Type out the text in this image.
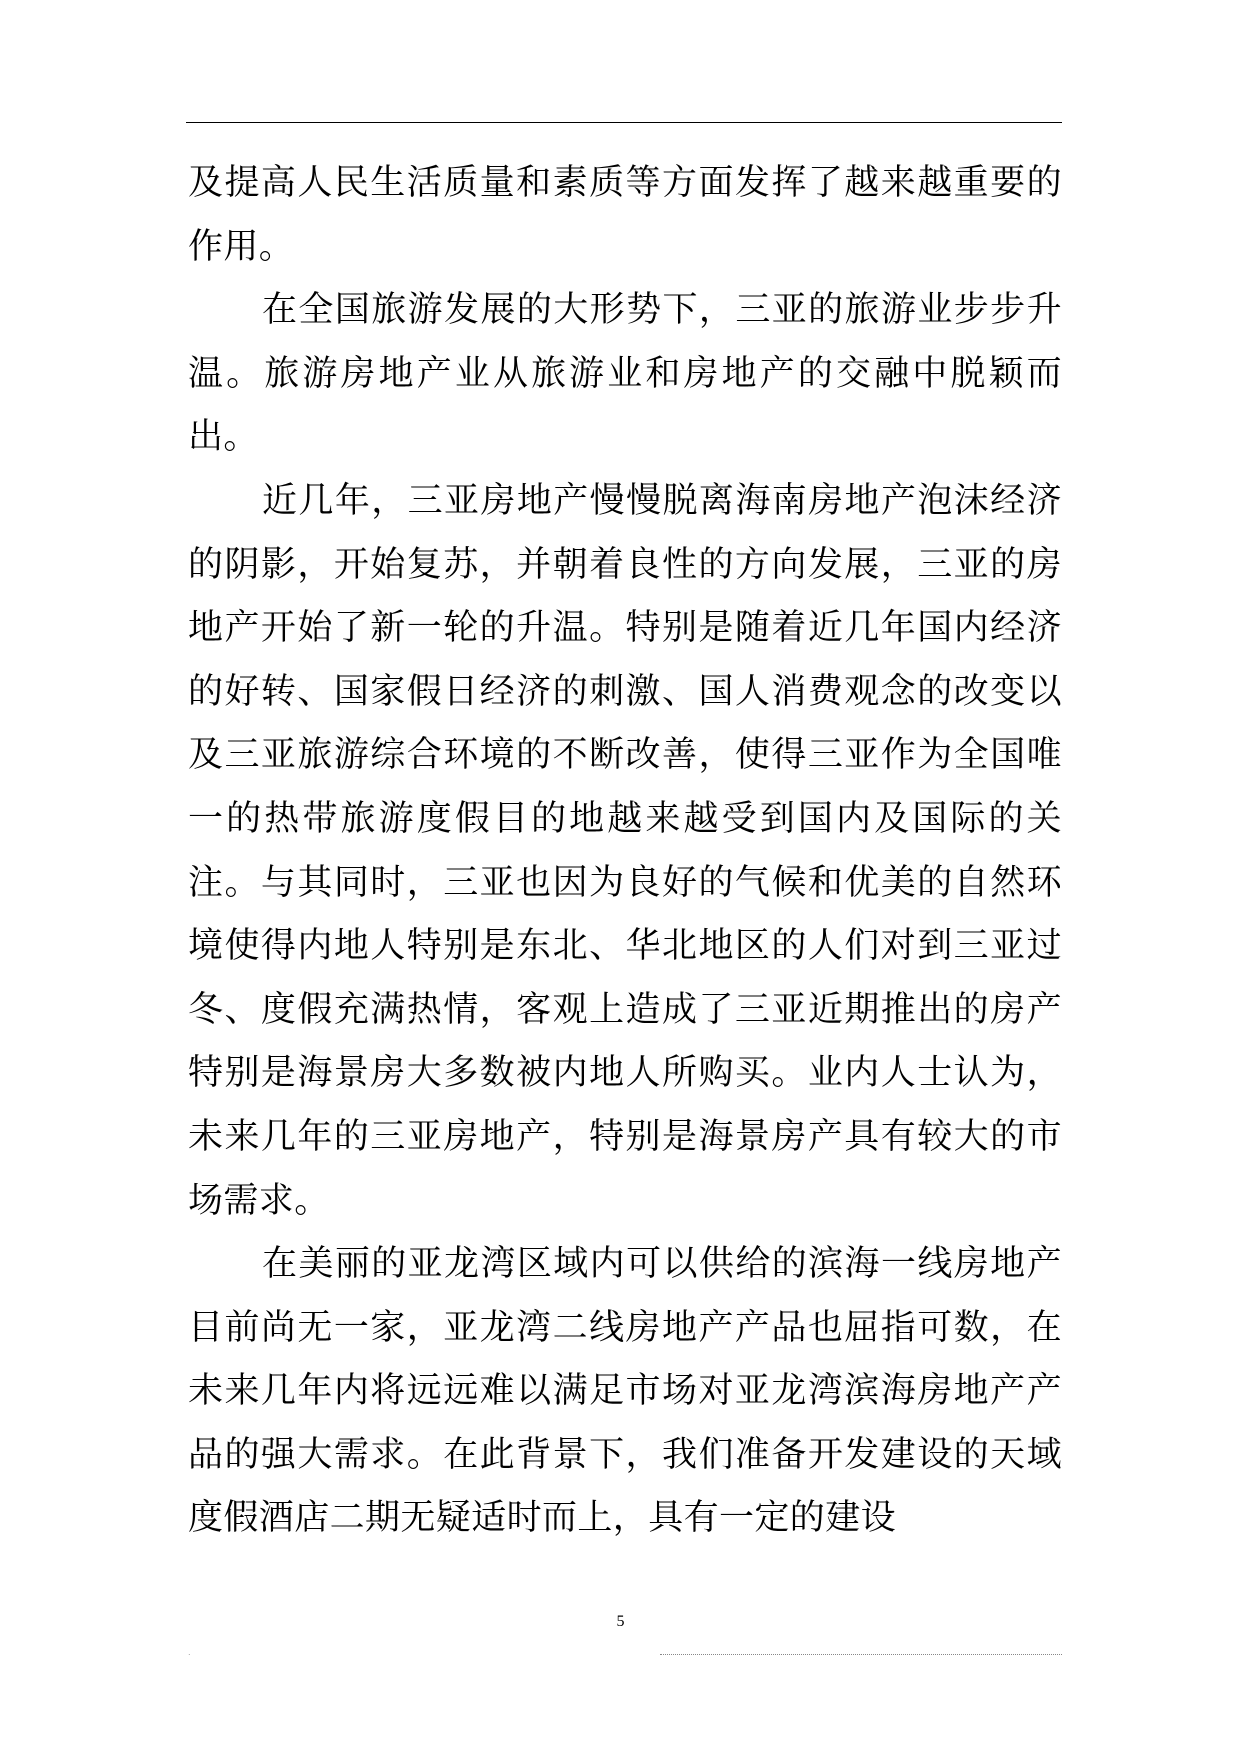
及提高人民生活质量和素质等方面发挥了越来越重要的作用。

在全国旅游发展的大形势下，三亚的旅游业步步升温。旅游房地产业从旅游业和房地产的交融中脱颖而出。

近几年，三亚房地产慢慢脱离海南房地产泡沫经济的阴影，开始复苏，并朝着良性的方向发展，三亚的房地产开始了新一轮的升温。特别是随着近几年国内经济的好转、国家假日经济的刺激、国人消费观念的改变以及三亚旅游综合环境的不断改善，使得三亚作为全国唯一的热带旅游度假目的地越来越受到国内及国际的关注。与其同时，三亚也因为良好的气候和优美的自然环境使得内地人特别是东北、华北地区的人们对到三亚过冬、度假充满热情，客观上造成了三亚近期推出的房产特别是海景房大多数被内地人所购买。业内人士认为，未来几年的三亚房地产，特别是海景房产具有较大的市场需求。

在美丽的亚龙湾区域内可以供给的滨海一线房地产目前尚无一家，亚龙湾二线房地产产品也屈指可数，在未来几年内将远远难以满足市场对亚龙湾滨海房地产产品的强大需求。在此背景下，我们准备开发建设的天域度假酒店二期无疑适时而上，具有一定的建设

5
.
